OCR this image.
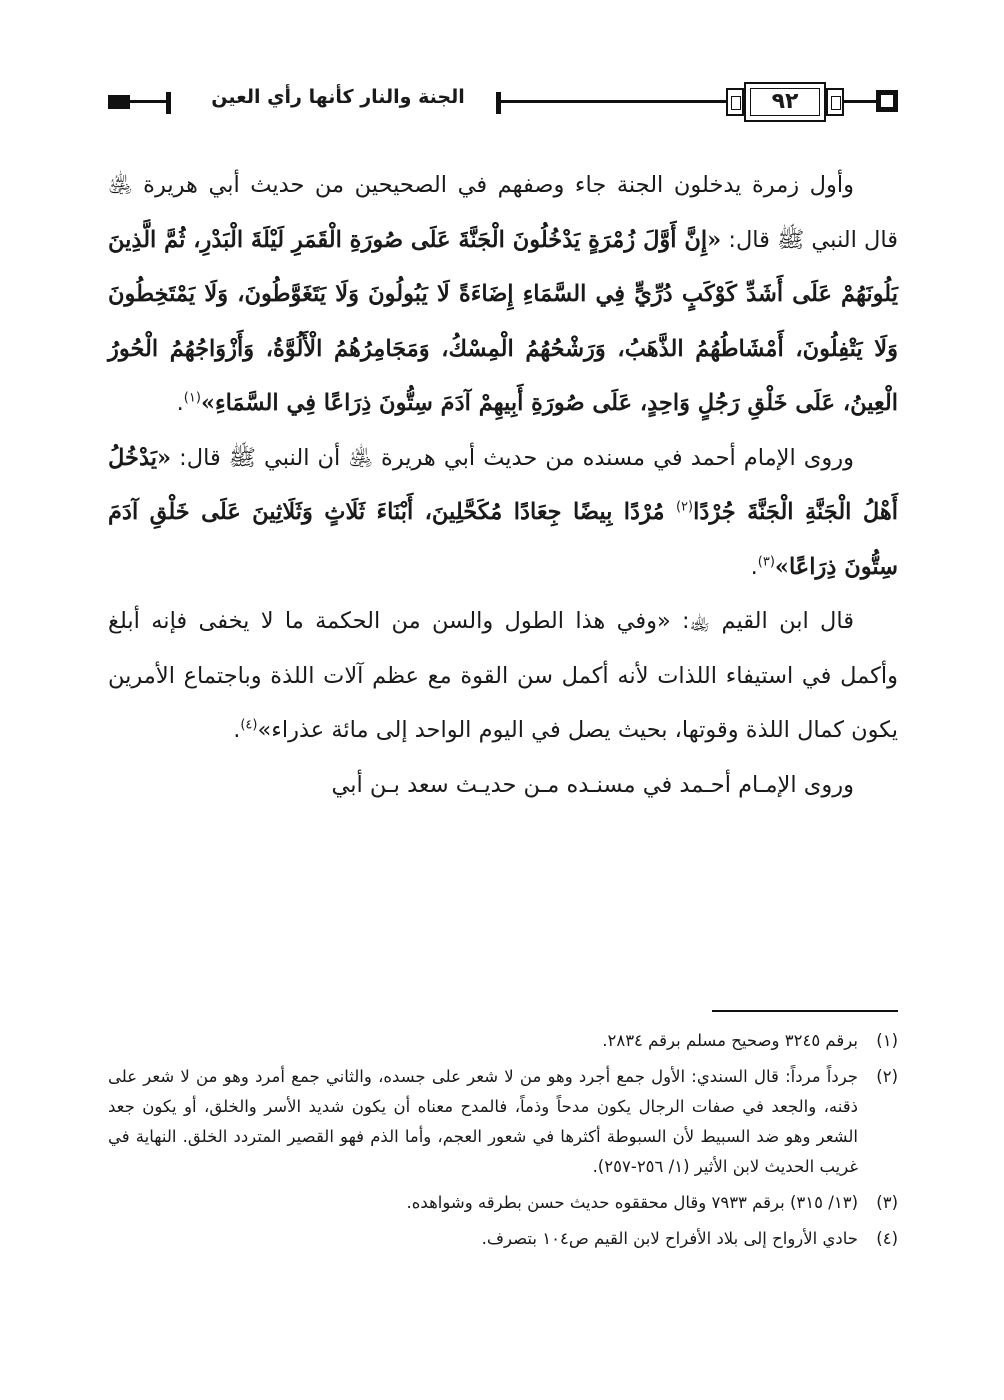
الجنة والنار كأنها رأي العين	٩٢

وأول زمرة يدخلون الجنة جاء وصفهم في الصحيحين من حديث أبي هريرة ﵁ قال النبي ﷺ قال: «إِنَّ أَوَّلَ زُمْرَةٍ يَدْخُلُونَ الْجَنَّةَ عَلَى صُورَةِ الْقَمَرِ لَيْلَةَ الْبَدْرِ، ثُمَّ الَّذِينَ يَلُونَهُمْ عَلَى أَشَدِّ كَوْكَبٍ دُرِّيٍّ فِي السَّمَاءِ إِضَاءَةً لَا يَبُولُونَ وَلَا يَتَغَوَّطُونَ، وَلَا يَمْتَخِطُونَ وَلَا يَتْفِلُونَ، أَمْشَاطُهُمُ الذَّهَبُ، وَرَشْحُهُمُ الْمِسْكُ، وَمَجَامِرُهُمُ الْأَلُوَّةُ، وَأَزْوَاجُهُمُ الْحُورُ الْعِينُ، عَلَى خَلْقِ رَجُلٍ وَاحِدٍ، عَلَى صُورَةِ أَبِيهِمْ آدَمَ سِتُّونَ ذِرَاعًا فِي السَّمَاءِ»$^{(١)}$.

وروى الإمام أحمد في مسنده من حديث أبي هريرة ﵁ أن النبي ﷺ قال: «يَدْخُلُ أَهْلُ الْجَنَّةِ الْجَنَّةَ جُرْدًا$^{(٢)}$ مُرْدًا بِيضًا جِعَادًا مُكَحَّلِينَ، أَبْنَاءَ ثَلَاثٍ وَثَلَاثِينَ عَلَى خَلْقِ آدَمَ سِتُّونَ ذِرَاعًا»$^{(٣)}$.

قال ابن القيم ﵀: «وفي هذا الطول والسن من الحكمة ما لا يخفى فإنه أبلغ وأكمل في استيفاء اللذات لأنه أكمل سن القوة مع عظم آلات اللذة وباجتماع الأمرين يكون كمال اللذة وقوتها، بحيث يصل في اليوم الواحد إلى مائة عذراء»$^{(٤)}$.

وروى الإمـام أحـمد في مسنـده مـن حديـث سعد بـن أبي

(١)برقم ٣٢٤٥ وصحيح مسلم برقم ٢٨٣٤.

(٢)جرداً مرداً: قال السندي: الأول جمع أجرد وهو من لا شعر على جسده، والثاني جمع أمرد وهو من لا شعر على ذقنه، والجعد في صفات الرجال يكون مدحاً وذماً، فالمدح معناه أن يكون شديد الأسر والخلق، أو يكون جعد الشعر وهو ضد السبيط لأن السبوطة أكثرها في شعور العجم، وأما الذم فهو القصير المتردد الخلق. النهاية في غريب الحديث لابن الأثير (١/ ٢٥٦-٢٥٧).

(٣)(١٣/ ٣١٥) برقم ٧٩٣٣ وقال محققوه حديث حسن بطرقه وشواهده.

(٤)حادي الأرواح إلى بلاد الأفراح لابن القيم ص١٠٤ بتصرف.
